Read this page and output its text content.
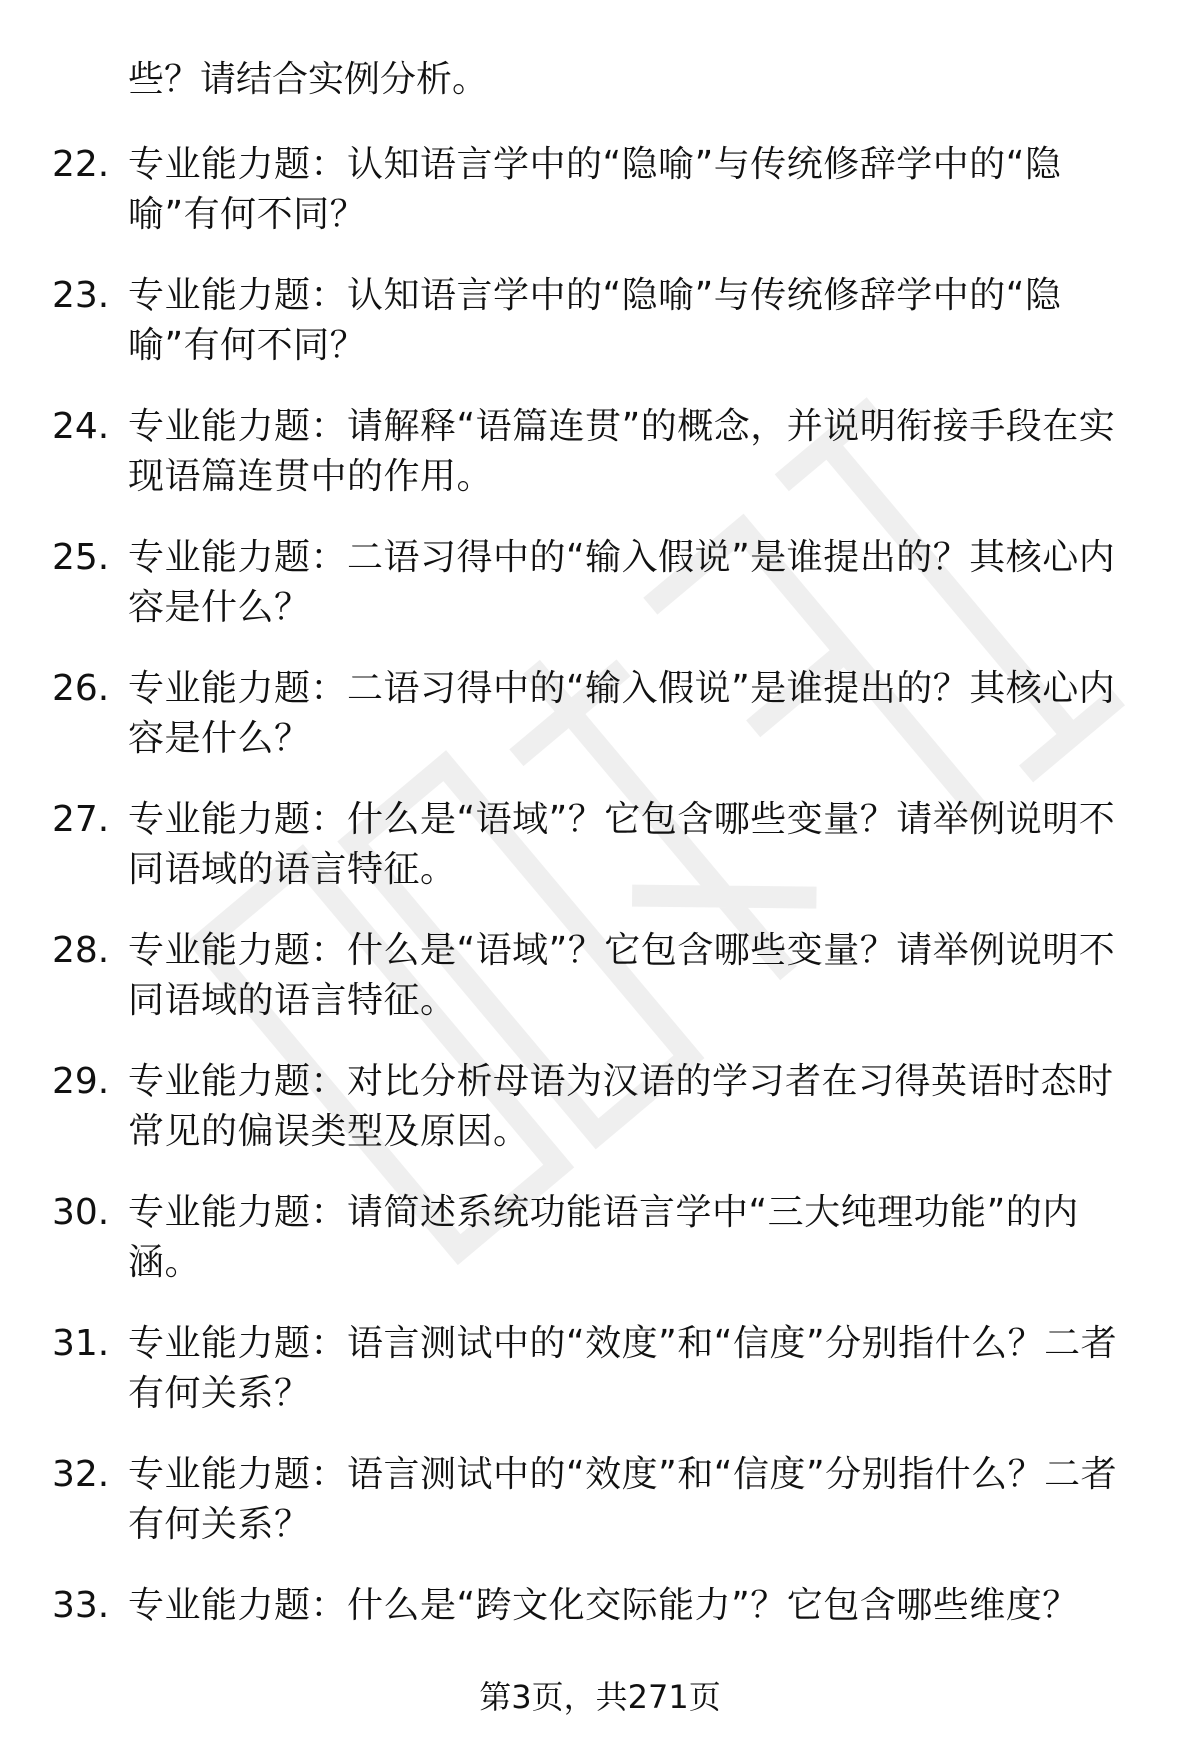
些？请结合实例分析。
22. 专业能力题：认知语言学中的“隐喻”与传统修辞学中的“隐喻”有何不同？
23. 专业能力题：认知语言学中的“隐喻”与传统修辞学中的“隐喻”有何不同？
24. 专业能力题：请解释“语篇连贯”的概念，并说明衔接手段在实现语篇连贯中的作用。
25. 专业能力题：二语习得中的“输入假说”是谁提出的？其核心内容是什么？
26. 专业能力题：二语习得中的“输入假说”是谁提出的？其核心内容是什么？
27. 专业能力题：什么是“语域”？它包含哪些变量？请举例说明不同语域的语言特征。
28. 专业能力题：什么是“语域”？它包含哪些变量？请举例说明不同语域的语言特征。
29. 专业能力题：对比分析母语为汉语的学习者在习得英语时态时常见的偏误类型及原因。
30. 专业能力题：请简述系统功能语言学中“三大纯理功能”的内涵。
31. 专业能力题：语言测试中的“效度”和“信度”分别指什么？二者有何关系？
32. 专业能力题：语言测试中的“效度”和“信度”分别指什么？二者有何关系？
33. 专业能力题：什么是“跨文化交际能力”？它包含哪些维度？
第3页，共271页
